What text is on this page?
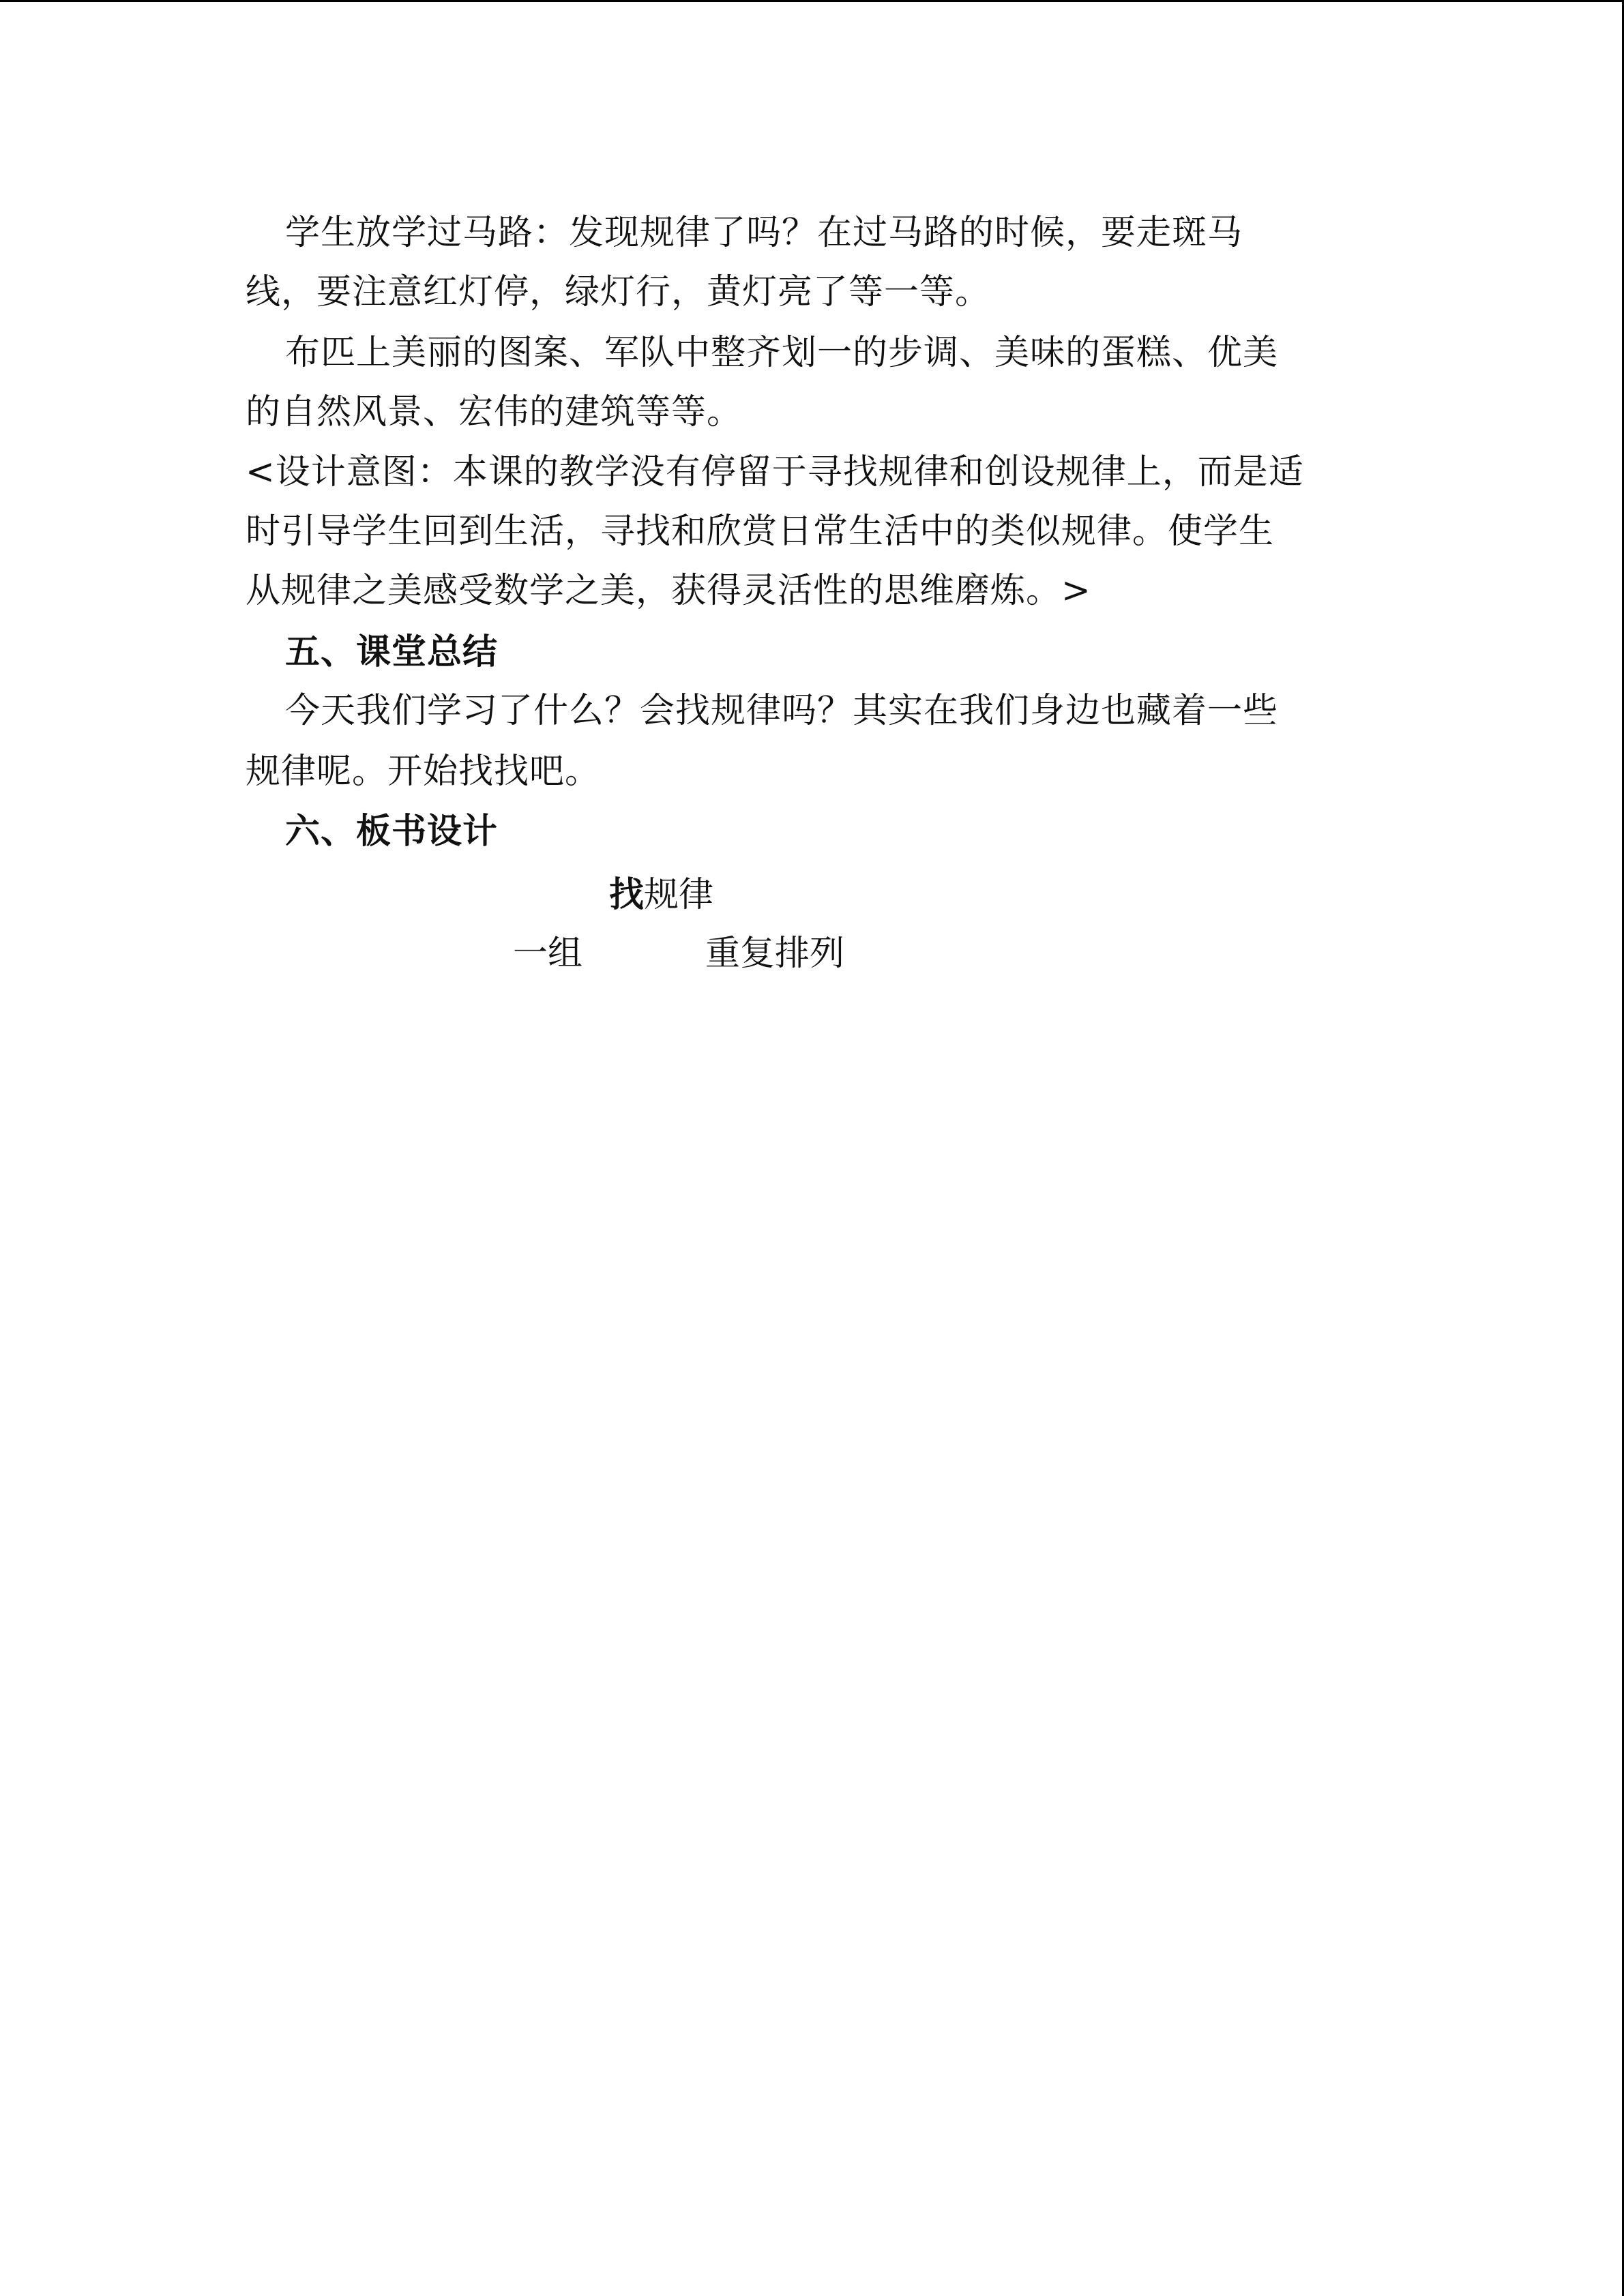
学生放学过马路：发现规律了吗？在过马路的时候，要走斑马
线，要注意红灯停，绿灯行，黄灯亮了等一等。
布匹上美丽的图案、军队中整齐划一的步调、美味的蛋糕、优美
的自然风景、宏伟的建筑等等。
<设计意图：本课的教学没有停留于寻找规律和创设规律上，而是适
时引导学生回到生活，寻找和欣赏日常生活中的类似规律。使学生
从规律之美感受数学之美，获得灵活性的思维磨炼。>
五、课堂总结
今天我们学习了什么？会找规律吗？其实在我们身边也藏着一些
规律呢。开始找找吧。
六、板书设计
找规律
一组	重复排列
